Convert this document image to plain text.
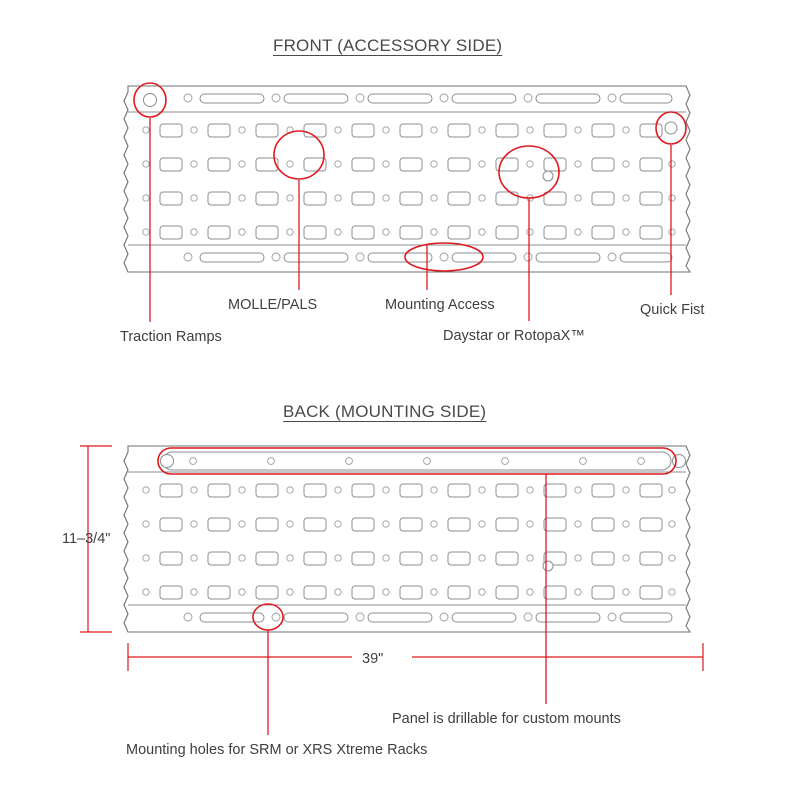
FRONT (ACCESSORY SIDE)
BACK (MOUNTING SIDE)
Traction Ramps
MOLLE/PALS	Mounting Access
Daystar or RotopaX™
Quick Fist
11–3/4"
39"
Panel is drillable for custom mounts
Mounting holes for SRM or XRS Xtreme Racks
